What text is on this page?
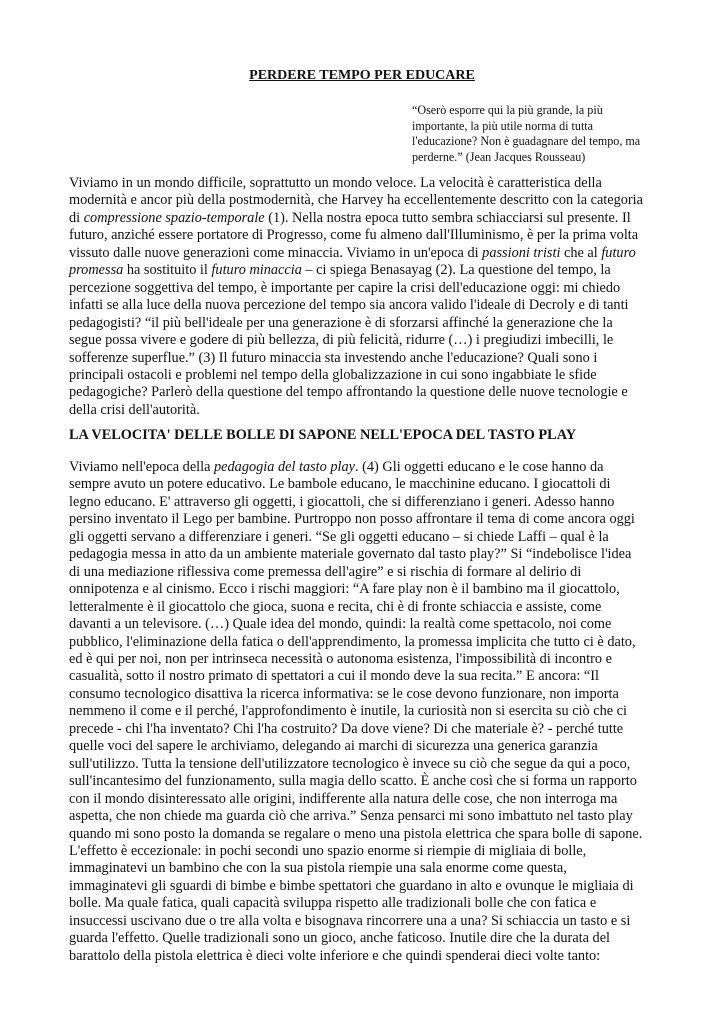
PERDERE TEMPO PER EDUCARE
“Oserò esporre qui la più grande, la più
importante, la più utile norma di tutta
l'educazione? Non è guadagnare del tempo, ma
perderne.” (Jean Jacques Rousseau)
Viviamo in un mondo difficile, soprattutto un mondo veloce. La velocità è caratteristica della
modernità e ancor più della postmodernità, che Harvey ha eccellentemente descritto con la categoria
di compressione spazio-temporale (1). Nella nostra epoca tutto sembra schiacciarsi sul presente. Il
futuro, anziché essere portatore di Progresso, come fu almeno dall'Illuminismo, è per la prima volta
vissuto dalle nuove generazioni come minaccia. Viviamo in un'epoca di passioni tristi che al futuro
promessa ha sostituito il futuro minaccia – ci spiega Benasayag (2). La questione del tempo, la
percezione soggettiva del tempo, è importante per capire la crisi dell'educazione oggi: mi chiedo
infatti se alla luce della nuova percezione del tempo sia ancora valido l'ideale di Decroly e di tanti
pedagogisti? “il più bell'ideale per una generazione è di sforzarsi affinché la generazione che la
segue possa vivere e godere di più bellezza, di più felicità, ridurre (…) i pregiudizi imbecilli, le
sofferenze superflue.” (3) Il futuro minaccia sta investendo anche l'educazione? Quali sono i
principali ostacoli e problemi nel tempo della globalizzazione in cui sono ingabbiate le sfide
pedagogiche? Parlerò della questione del tempo affrontando la questione delle nuove tecnologie e
della crisi dell'autorità.
LA VELOCITA' DELLE BOLLE DI SAPONE NELL'EPOCA DEL TASTO PLAY
Viviamo nell'epoca della pedagogia del tasto play. (4) Gli oggetti educano e le cose hanno da
sempre avuto un potere educativo. Le bambole educano, le macchinine educano. I giocattoli di
legno educano. E' attraverso gli oggetti, i giocattoli, che si differenziano i generi. Adesso hanno
persino inventato il Lego per bambine. Purtroppo non posso affrontare il tema di come ancora oggi
gli oggetti servano a differenziare i generi. “Se gli oggetti educano – si chiede Laffi – qual è la
pedagogia messa in atto da un ambiente materiale governato dal tasto play?” Si “indebolisce l'idea
di una mediazione riflessiva come premessa dell'agire” e si rischia di formare al delirio di
onnipotenza e al cinismo. Ecco i rischi maggiori: “A fare play non è il bambino ma il giocattolo,
letteralmente è il giocattolo che gioca, suona e recita, chi è di fronte schiaccia e assiste, come
davanti a un televisore. (…) Quale idea del mondo, quindi: la realtà come spettacolo, noi come
pubblico, l'eliminazione della fatica o dell'apprendimento, la promessa implicita che tutto ci è dato,
ed è qui per noi, non per intrinseca necessità o autonoma esistenza, l'impossibilità di incontro e
casualità, sotto il nostro primato di spettatori a cui il mondo deve la sua recita.” E ancora: “Il
consumo tecnologico disattiva la ricerca informativa: se le cose devono funzionare, non importa
nemmeno il come e il perché, l'approfondimento è inutile, la curiosità non si esercita su ciò che ci
precede - chi l'ha inventato? Chi l'ha costruito? Da dove viene? Di che materiale è? - perché tutte
quelle voci del sapere le archiviamo, delegando ai marchi di sicurezza una generica garanzia
sull'utilizzo. Tutta la tensione dell'utilizzatore tecnologico è invece su ciò che segue da qui a poco,
sull'incantesimo del funzionamento, sulla magia dello scatto. È anche così che si forma un rapporto
con il mondo disinteressato alle origini, indifferente alla natura delle cose, che non interroga ma
aspetta, che non chiede ma guarda ciò che arriva.” Senza pensarci mi sono imbattuto nel tasto play
quando mi sono posto la domanda se regalare o meno una pistola elettrica che spara bolle di sapone.
L'effetto è eccezionale: in pochi secondi uno spazio enorme si riempie di migliaia di bolle,
immaginatevi un bambino che con la sua pistola riempie una sala enorme come questa,
immaginatevi gli sguardi di bimbe e bimbe spettatori che guardano in alto e ovunque le migliaia di
bolle. Ma quale fatica, quali capacità sviluppa rispetto alle tradizionali bolle che con fatica e
insuccessi uscivano due o tre alla volta e bisognava rincorrere una a una? Si schiaccia un tasto e si
guarda l'effetto. Quelle tradizionali sono un gioco, anche faticoso. Inutile dire che la durata del
barattolo della pistola elettrica è dieci volte inferiore e che quindi spenderai dieci volte tanto:
